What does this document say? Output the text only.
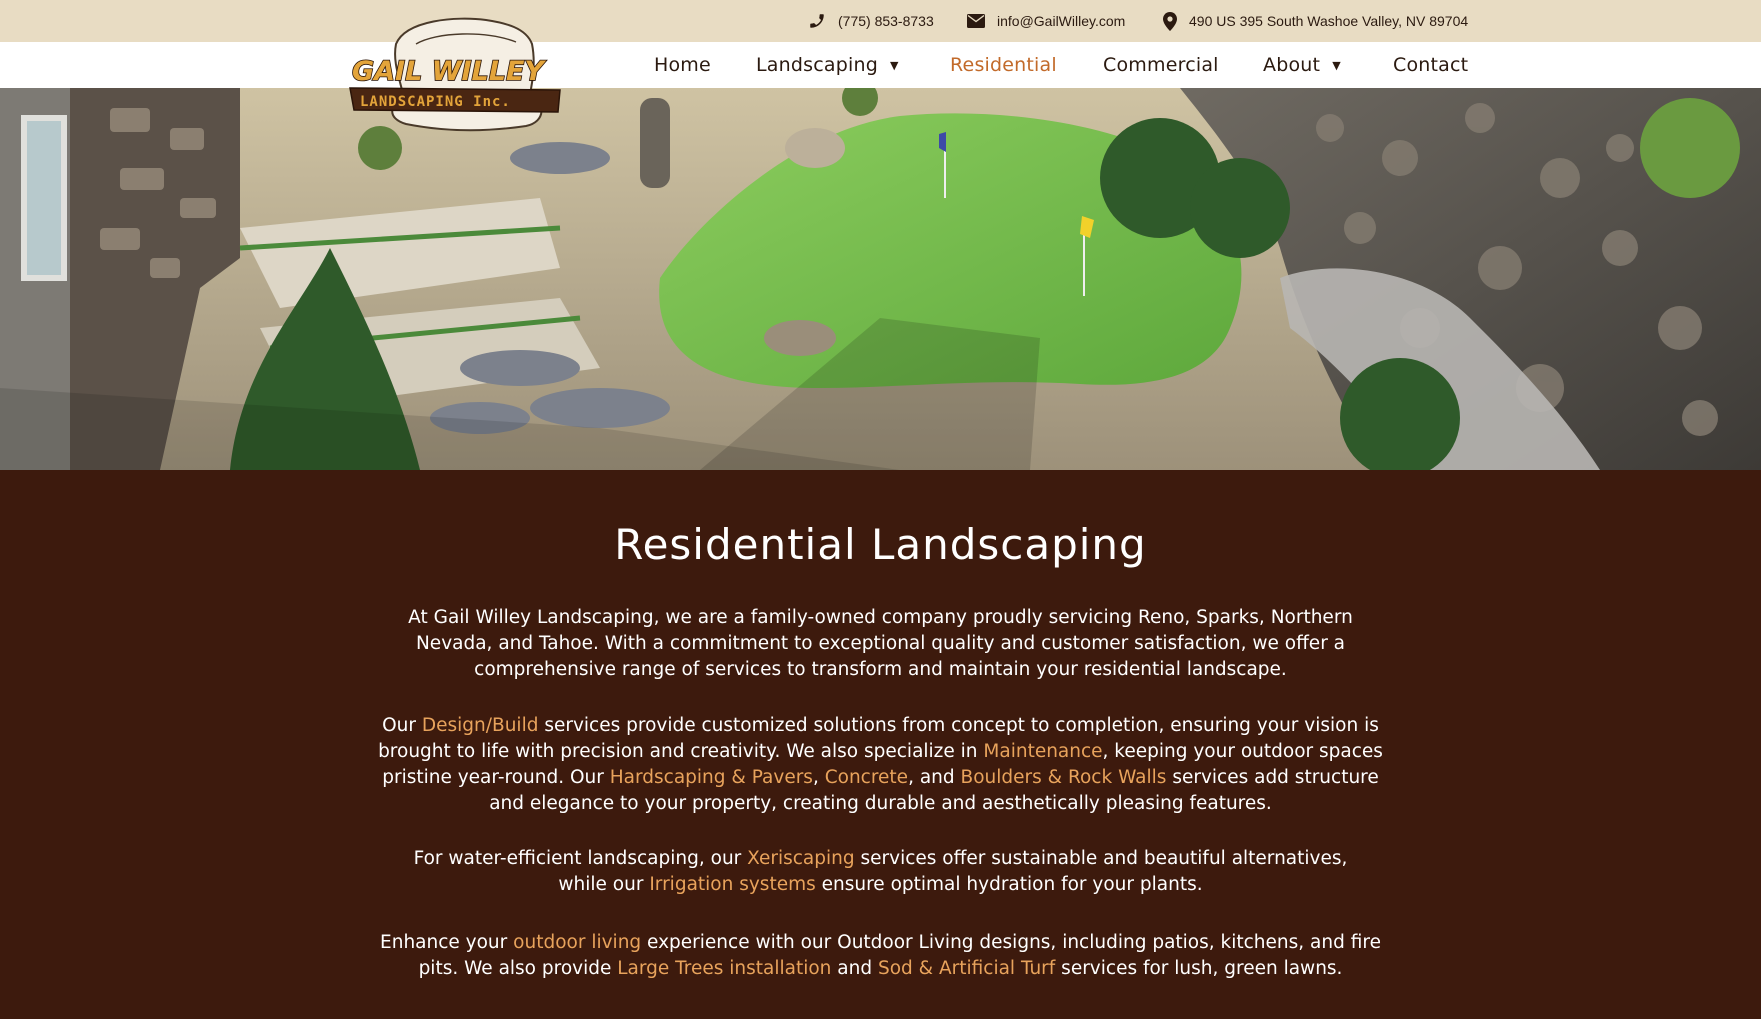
(775) 853-8733	info@GailWilley.com	490 US 395 South Washoe Valley, NV 89704
Home Landscaping ▼	Residential Commercial About ▼	Contact
GAIL WILLEY
LANDSCAPING Inc.
Residential Landscaping

At Gail Willey Landscaping, we are a family-owned company proudly servicing Reno, Sparks, Northern Nevada, and Tahoe. With a commitment to exceptional quality and customer satisfaction, we offer a comprehensive range of services to transform and maintain your residential landscape.

Our Design/Build services provide customized solutions from concept to completion, ensuring your vision is brought to life with precision and creativity. We also specialize in Maintenance, keeping your outdoor spaces pristine year-round. Our Hardscaping & Pavers, Concrete, and Boulders & Rock Walls services add structure and elegance to your property, creating durable and aesthetically pleasing features.

For water-efficient landscaping, our Xeriscaping services offer sustainable and beautiful alternatives, while our Irrigation systems ensure optimal hydration for your plants.

Enhance your outdoor living experience with our Outdoor Living designs, including patios, kitchens, and fire pits. We also provide Large Trees installation and Sod & Artificial Turf services for lush, green lawns.
